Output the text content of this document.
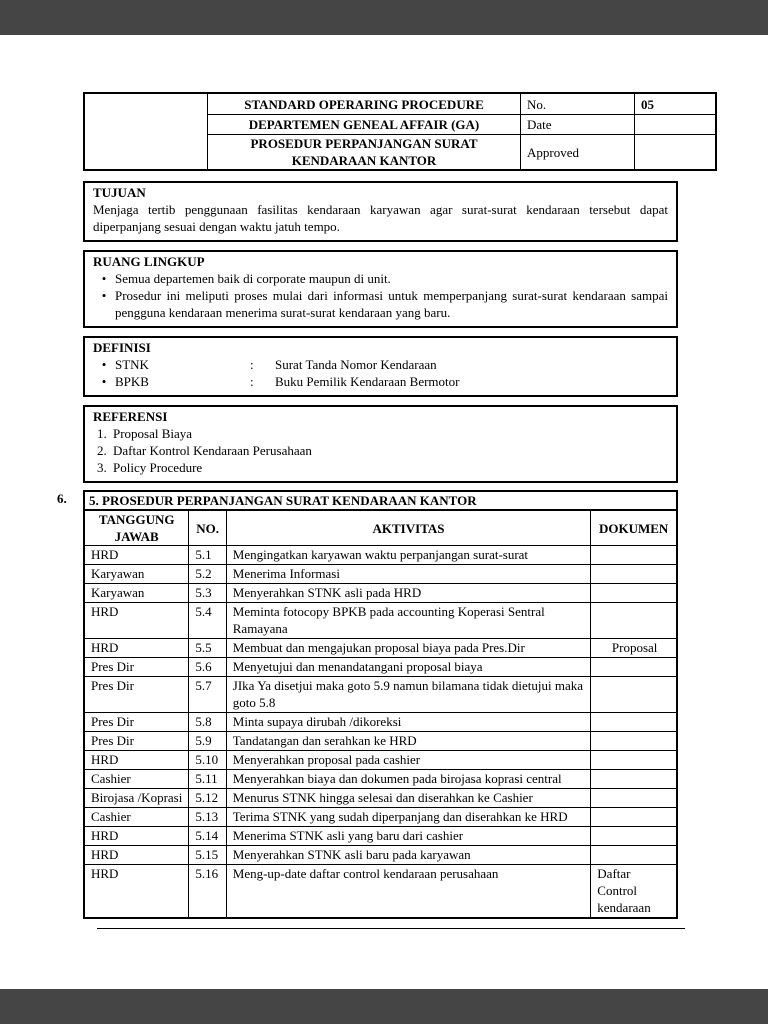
	STANDARD OPERARING PROCEDURE	No.	05
	DEPARTEMEN GENEAL AFFAIR (GA)	Date	
	PROSEDUR PERPANJANGAN SURAT KENDARAAN KANTOR	Approved	
TUJUAN

Menjaga tertib penggunaan fasilitas kendaraan karyawan agar surat-surat kendaraan tersebut dapat diperpanjang sesuai dengan waktu jatuh tempo.

RUANG LINGKUP
• Semua departemen baik di corporate maupun di unit.
• Prosedur ini meliputi proses mulai dari informasi untuk memperpanjang surat-surat kendaraan sampai pengguna kendaraan menerima surat-surat kendaraan yang baru.
DEFINISI
• STNK	:	Surat Tanda Nomor Kendaraan
• BPKB	:	Buku Pemilik Kendaraan Bermotor
REFERENSI
1. Proposal Biaya
2. Daftar Kontrol Kendaraan Perusahaan
3. Policy Procedure
6.	5. PROSEDUR PERPANJANGAN SURAT KENDARAAN KANTOR
TANGGUNG JAWAB	NO.	AKTIVITAS	DOKUMEN
HRD	5.1	Mengingatkan karyawan waktu perpanjangan surat-surat	
Karyawan	5.2	Menerima Informasi	
Karyawan	5.3	Menyerahkan STNK asli pada HRD	
HRD	5.4	Meminta fotocopy BPKB pada accounting Koperasi Sentral Ramayana	
HRD	5.5	Membuat dan mengajukan proposal biaya pada Pres.Dir	Proposal
Pres Dir	5.6	Menyetujui dan menandatangani proposal biaya	
Pres Dir	5.7	JIka Ya disetjui maka goto 5.9 namun bilamana tidak dietujui maka goto 5.8	
Pres Dir	5.8	Minta supaya dirubah /dikoreksi	
Pres Dir	5.9	Tandatangan dan serahkan ke HRD	
HRD	5.10	Menyerahkan proposal pada cashier	
Cashier	5.11	Menyerahkan biaya dan dokumen pada birojasa koprasi central	
Birojasa /Koprasi	5.12	Menurus STNK hingga selesai dan diserahkan ke Cashier	
Cashier	5.13	Terima STNK yang sudah diperpanjang dan diserahkan ke HRD	
HRD	5.14	Menerima STNK asli yang baru dari cashier	
HRD	5.15	Menyerahkan STNK asli baru pada karyawan	
HRD	5.16	Meng-up-date daftar control kendaraan perusahaan	Daftar Control kendaraan
